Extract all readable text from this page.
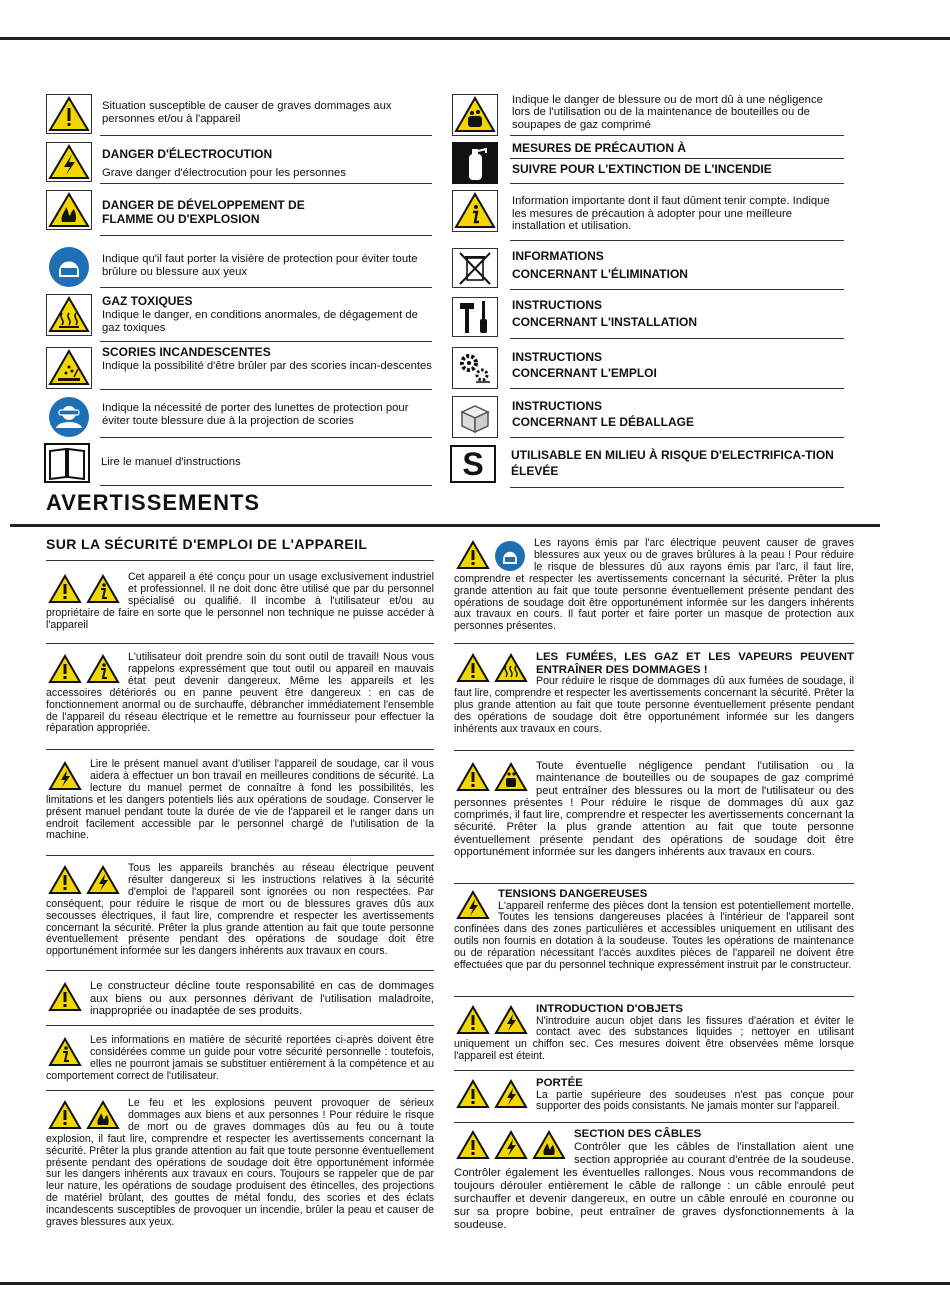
Situation susceptible de causer de graves dommages aux personnes et/ou à l'appareil
DANGER D'ÉLECTROCUTION
Grave danger d'électrocution pour les personnes
DANGER DE DÉVELOPPEMENT DE FLAMME OU D'EXPLOSION
Indique qu'il faut porter la visière de protection pour éviter toute brûlure ou blessure aux yeux
GAZ TOXIQUES
Indique le danger, en conditions anormales, de dégagement de gaz toxiques
SCORIES INCANDESCENTES
Indique la possibilité d'être brûler par des scories incan-descentes
Indique la nécessité de porter des lunettes de protection pour éviter toute blessure due à la projection de scories
Lire le manuel d'instructions
Indique le danger de blessure ou de mort dû à une négligence lors de l'utilisation ou de la maintenance de bouteilles ou de soupapes de gaz comprimé
MESURES DE PRÉCAUTION À
SUIVRE POUR L'EXTINCTION DE L'INCENDIE
Information importante dont il faut dûment tenir compte. Indique les mesures de précaution à adopter pour une meilleure installation et utilisation.
INFORMATIONS
CONCERNANT L'ÉLIMINATION
INSTRUCTIONS
CONCERNANT L'INSTALLATION
INSTRUCTIONS
CONCERNANT L'EMPLOI
INSTRUCTIONS
CONCERNANT LE DÉBALLAGE
S UTILISABLE EN MILIEU À RISQUE D'ELECTRIFICA-TION ÉLEVÉE
AVERTISSEMENTS
SUR LA SÉCURITÉ D'EMPLOI DE L'APPAREIL
Cet appareil a été conçu pour un usage exclusivement industriel et professionnel. Il ne doit donc être utilisé que par du personnel spécialisé ou qualifié. Il incombe à l'utilisateur et/ou au propriétaire de faire en sorte que le personnel non technique ne puisse accéder à l'appareil
L'utilisateur doit prendre soin du sont outil de travail! Nous vous rappelons expressément que tout outil ou appareil en mauvais état peut devenir dangereux. Même les appareils et les accessoires détériorés ou en panne peuvent être dangereux : en cas de fonctionnement anormal ou de surchauffe, débrancher immédiatement l'ensemble de l'appareil du réseau électrique et le remettre au fournisseur pour effectuer la réparation appropriée.
Lire le présent manuel avant d'utiliser l'appareil de soudage, car il vous aidera à effectuer un bon travail en meilleures conditions de sécurité. La lecture du manuel permet de connaître à fond les possibilités, les limitations et les dangers potentiels liés aux opérations de soudage. Conserver le présent manuel pendant toute la durée de vie de l'appareil et le ranger dans un endroit facilement accessible par le personnel chargé de l'utilisation de la machine.
Tous les appareils branchés au réseau électrique peuvent résulter dangereux si les instructions relatives à la sécurité d'emploi de l'appareil sont ignorées ou non respectées. Par conséquent, pour réduire le risque de mort ou de blessures graves dûs aux secousses électriques, il faut lire, comprendre et respecter les avertissements concernant la sécurité. Prêter la plus grande attention au fait que toute personne éventuellement présente pendant des opérations de soudage doit être opportunément informée sur les dangers inhérents aux travaux en cours.
Le constructeur décline toute responsabilité en cas de dommages aux biens ou aux personnes dérivant de l'utilisation maladroite, inappropriée ou inadaptée de ses produits.
Les informations en matière de sécurité reportées ci-après doivent être considérées comme un guide pour votre sécurité personnelle : toutefois, elles ne pourront jamais se substituer entièrement à la compétence et au comportement correct de l'utilisateur.
Le feu et les explosions peuvent provoquer de sérieux dommages aux biens et aux personnes ! Pour réduire le risque de mort ou de graves dommages dûs au feu ou à toute explosion, il faut lire, comprendre et respecter les avertissements concernant la sécurité. Prêter la plus grande attention au fait que toute personne éventuellement présente pendant des opérations de soudage doit être opportunément informée sur les dangers inhérents aux travaux en cours. Toujours se rappeler que de par leur nature, les opérations de soudage produisent des étincelles, des projections de matériel brûlant, des gouttes de métal fondu, des scories et des éclats incandescents susceptibles de provoquer un incendie, brûler la peau et causer de graves blessures aux yeux.
Les rayons émis par l'arc électrique peuvent causer de graves blessures aux yeux ou de graves brûlures à la peau ! Pour réduire le risque de blessures dû aux rayons émis par l'arc, il faut lire, comprendre et respecter les avertissements concernant la sécurité. Prêter la plus grande attention au fait que toute personne éventuellement présente pendant des opérations de soudage doit être opportunément informée sur les dangers inhérents aux travaux en cours. Il faut porter et faire porter un masque de protection aux personnes présentes.
LES FUMÉES, LES GAZ ET LES VAPEURS PEUVENT ENTRAÎNER DES DOMMAGES !
Pour réduire le risque de dommages dû aux fumées de soudage, il faut lire, comprendre et respecter les avertissements concernant la sécurité. Prêter la plus grande attention au fait que toute personne éventuellement présente pendant des opérations de soudage doit être opportunément informée sur les dangers inhérents aux travaux en cours.
Toute éventuelle négligence pendant l'utilisation ou la maintenance de bouteilles ou de soupapes de gaz comprimé peut entraîner des blessures ou la mort de l'utilisateur ou des personnes présentes ! Pour réduire le risque de dommages dû aux gaz comprimés, il faut lire, comprendre et respecter les avertissements concernant la sécurité. Prêter la plus grande attention au fait que toute personne éventuellement présente pendant des opérations de soudage doit être opportunément informée sur les dangers inhérents aux travaux en cours.
TENSIONS DANGEREUSES
L'appareil renferme des pièces dont la tension est potentiellement mortelle. Toutes les tensions dangereuses placées à l'intérieur de l'appareil sont confinées dans des zones particulières et accessibles uniquement en utilisant des outils non fournis en dotation à la soudeuse. Toutes les opérations de maintenance ou de réparation nécessitant l'accès auxdites pièces de l'appareil ne doivent être effectuées que par du personnel technique expressément instruit par le constructeur.
INTRODUCTION D'OBJETS
N'introduire aucun objet dans les fissures d'aération et éviter le contact avec des substances liquides ; nettoyer en utilisant uniquement un chiffon sec. Ces mesures doivent être observées même lorsque l'appareil est éteint.
PORTÉE
La partie supérieure des soudeuses n'est pas conçue pour supporter des poids consistants. Ne jamais monter sur l'appareil.
SECTION DES CÂBLES
Contrôler que les câbles de l'installation aient une section appropriée au courant d'entrée de la soudeuse. Contrôler également les éventuelles rallonges. Nous vous recommandons de toujours dérouler entièrement le câble de rallonge : un câble enroulé peut surchauffer et devenir dangereux, en outre un câble enroulé en couronne ou sur sa propre bobine, peut entraîner de graves dysfonctionnements à la soudeuse.
